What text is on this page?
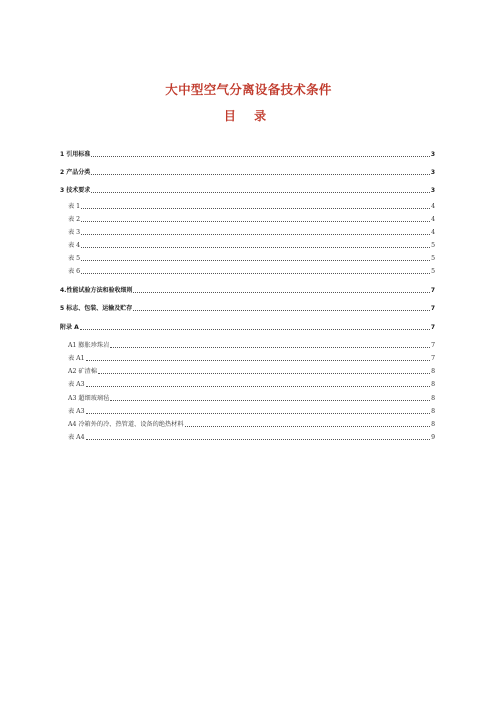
大中型空气分离设备技术条件
目 录
1 引用标准	3
2 产品分类	3
3 技术要求	3
表 1	4
表 2	4
表 3	4
表 4	5
表 5	5
表 6	5
4.性能试验方法和验收细则	7
5 标志、包装、运输及贮存	7
附录 A	7
A1 膨胀珍珠岩	7
表 A1	7
A2 矿渣棉	8
表 A3	8
A3 超细玻璃毡	8
表 A3	8
A4 冷箱外的冷、热管道、设备的绝热材料	8
表 A4	9
